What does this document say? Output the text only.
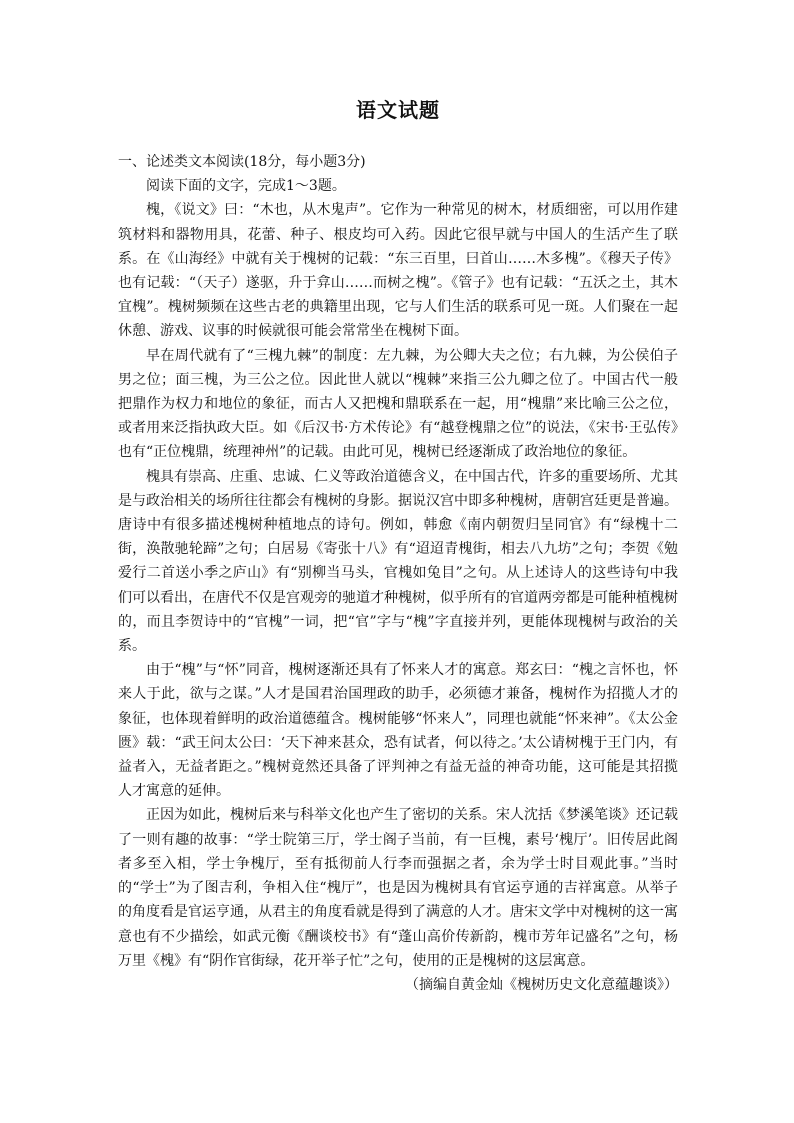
语文试题

一、论述类文本阅读(18分，每小题3分)

阅读下面的文字，完成1～3题。

槐，《说文》曰：“木也，从木鬼声”。它作为一种常见的树木，材质细密，可以用作建筑材料和器物用具，花蕾、种子、根皮均可入药。因此它很早就与中国人的生活产生了联系。在《山海经》中就有关于槐树的记载：“东三百里，曰首山……木多槐”。《穆天子传》也有记载：“（天子）遂驱，升于弇山……而树之槐”。《管子》也有记载：“五沃之土，其木宜槐”。槐树频频在这些古老的典籍里出现，它与人们生活的联系可见一斑。人们聚在一起休憩、游戏、议事的时候就很可能会常常坐在槐树下面。

早在周代就有了“三槐九棘”的制度：左九棘，为公卿大夫之位；右九棘，为公侯伯子男之位；面三槐，为三公之位。因此世人就以“槐棘”来指三公九卿之位了。中国古代一般把鼎作为权力和地位的象征，而古人又把槐和鼎联系在一起，用“槐鼎”来比喻三公之位，或者用来泛指执政大臣。如《后汉书·方术传论》有“越登槐鼎之位”的说法，《宋书·王弘传》也有“正位槐鼎，统理神州”的记载。由此可见，槐树已经逐渐成了政治地位的象征。

槐具有崇高、庄重、忠诚、仁义等政治道德含义，在中国古代，许多的重要场所、尤其是与政治相关的场所往往都会有槐树的身影。据说汉宫中即多种槐树，唐朝宫廷更是普遍。唐诗中有很多描述槐树种植地点的诗句。例如，韩愈《南内朝贺归呈同官》有“绿槐十二街，涣散驰轮蹄”之句；白居易《寄张十八》有“迢迢青槐街，相去八九坊”之句；李贺《勉爱行二首送小季之庐山》有“别柳当马头，官槐如兔目”之句。从上述诗人的这些诗句中我们可以看出，在唐代不仅是宫观旁的驰道才种槐树，似乎所有的官道两旁都是可能种植槐树的，而且李贺诗中的“官槐”一词，把“官”字与“槐”字直接并列，更能体现槐树与政治的关系。

由于“槐”与“怀”同音，槐树逐渐还具有了怀来人才的寓意。郑玄曰：“槐之言怀也，怀来人于此，欲与之谋。”人才是国君治国理政的助手，必须德才兼备，槐树作为招揽人才的象征，也体现着鲜明的政治道德蕴含。槐树能够“怀来人”，同理也就能“怀来神”。《太公金匮》载：“武王问太公曰：‘天下神来甚众，恐有试者，何以待之。’太公请树槐于王门内，有益者入，无益者距之。”槐树竟然还具备了评判神之有益无益的神奇功能，这可能是其招揽人才寓意的延伸。

正因为如此，槐树后来与科举文化也产生了密切的关系。宋人沈括《梦溪笔谈》还记载了一则有趣的故事：“学士院第三厅，学士阁子当前，有一巨槐，素号‘槐厅’。旧传居此阁者多至入相，学士争槐厅，至有抵彻前人行李而强据之者，余为学士时目观此事。”当时的“学士”为了图吉利，争相入住“槐厅”，也是因为槐树具有官运亨通的吉祥寓意。从举子的角度看是官运亨通，从君主的角度看就是得到了满意的人才。唐宋文学中对槐树的这一寓意也有不少描绘，如武元衡《酬谈校书》有“蓬山高价传新韵，槐市芳年记盛名”之句，杨万里《槐》有“阴作官街绿，花开举子忙”之句，使用的正是槐树的这层寓意。

（摘编自黄金灿《槐树历史文化意蕴趣谈》）
